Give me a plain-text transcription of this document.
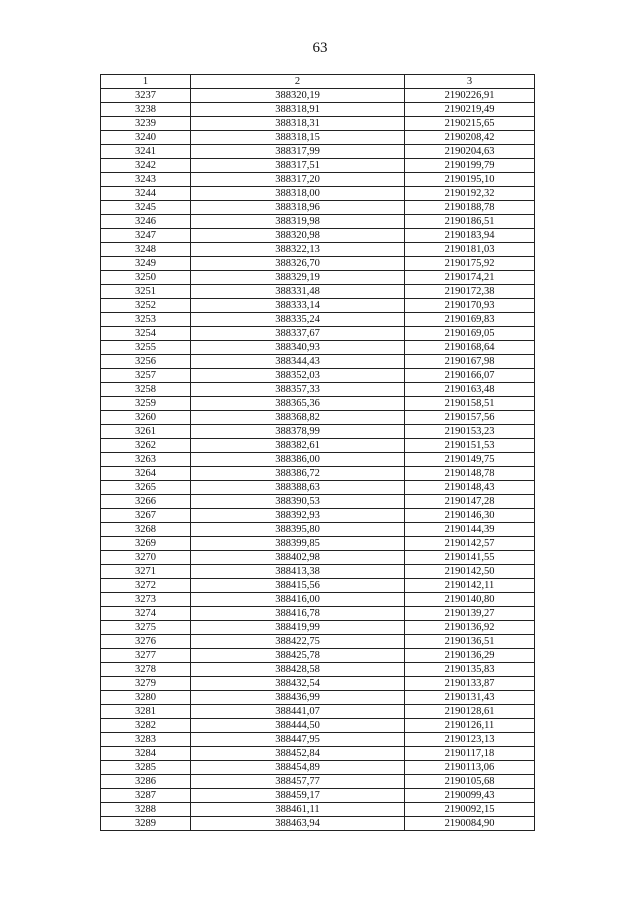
63
1	2	3
3237	388320,19	2190226,91
3238	388318,91	2190219,49
3239	388318,31	2190215,65
3240	388318,15	2190208,42
3241	388317,99	2190204,63
3242	388317,51	2190199,79
3243	388317,20	2190195,10
3244	388318,00	2190192,32
3245	388318,96	2190188,78
3246	388319,98	2190186,51
3247	388320,98	2190183,94
3248	388322,13	2190181,03
3249	388326,70	2190175,92
3250	388329,19	2190174,21
3251	388331,48	2190172,38
3252	388333,14	2190170,93
3253	388335,24	2190169,83
3254	388337,67	2190169,05
3255	388340,93	2190168,64
3256	388344,43	2190167,98
3257	388352,03	2190166,07
3258	388357,33	2190163,48
3259	388365,36	2190158,51
3260	388368,82	2190157,56
3261	388378,99	2190153,23
3262	388382,61	2190151,53
3263	388386,00	2190149,75
3264	388386,72	2190148,78
3265	388388,63	2190148,43
3266	388390,53	2190147,28
3267	388392,93	2190146,30
3268	388395,80	2190144,39
3269	388399,85	2190142,57
3270	388402,98	2190141,55
3271	388413,38	2190142,50
3272	388415,56	2190142,11
3273	388416,00	2190140,80
3274	388416,78	2190139,27
3275	388419,99	2190136,92
3276	388422,75	2190136,51
3277	388425,78	2190136,29
3278	388428,58	2190135,83
3279	388432,54	2190133,87
3280	388436,99	2190131,43
3281	388441,07	2190128,61
3282	388444,50	2190126,11
3283	388447,95	2190123,13
3284	388452,84	2190117,18
3285	388454,89	2190113,06
3286	388457,77	2190105,68
3287	388459,17	2190099,43
3288	388461,11	2190092,15
3289	388463,94	2190084,90
